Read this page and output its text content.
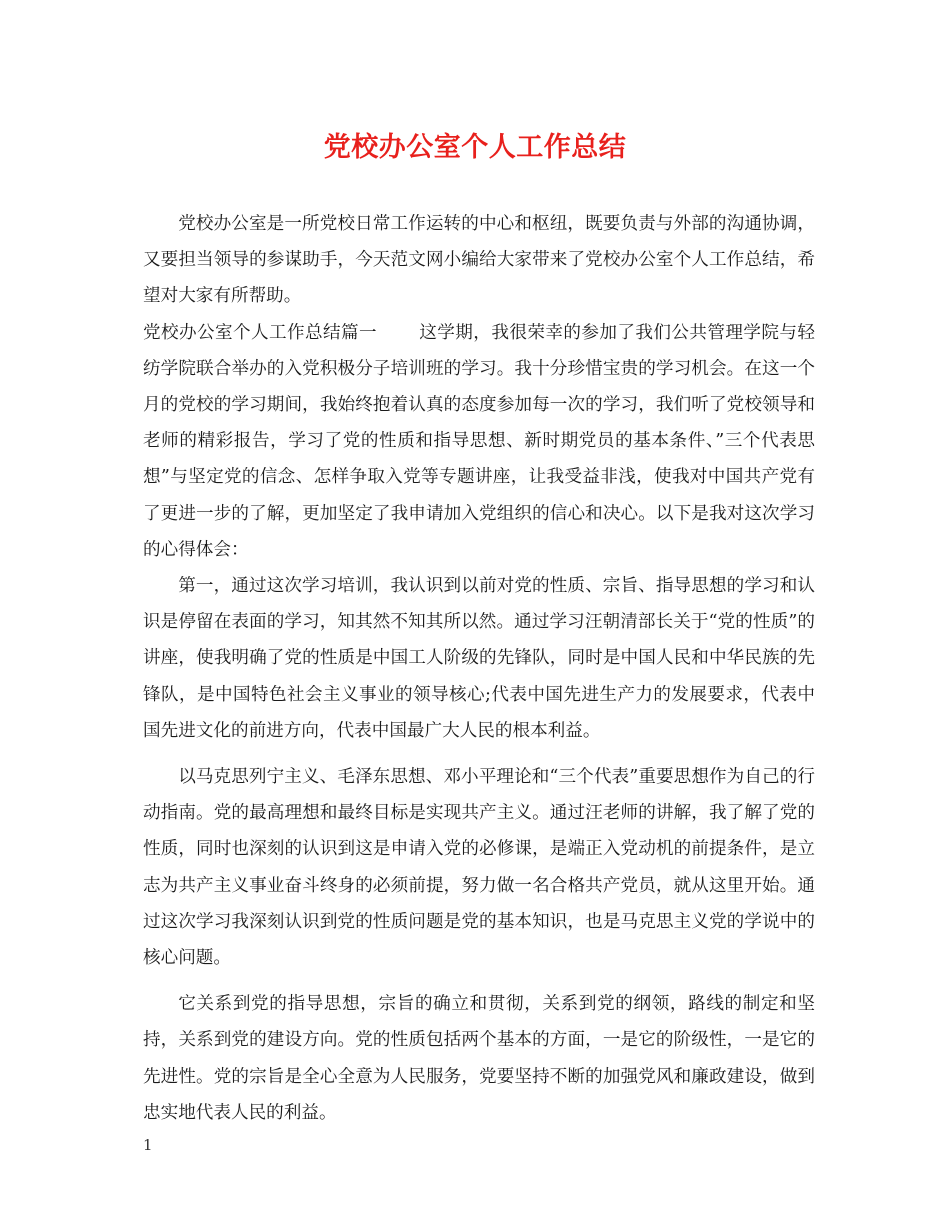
党校办公室个人工作总结

党校办公室是一所党校日常工作运转的中心和枢纽，既要负责与外部的沟通协调，又要担当领导的参谋助手，今天范文网小编给大家带来了党校办公室个人工作总结，希望对大家有所帮助。

党校办公室个人工作总结篇一 这学期，我很荣幸的参加了我们公共管理学院与轻纺学院联合举办的入党积极分子培训班的学习。我十分珍惜宝贵的学习机会。在这一个月的党校的学习期间，我始终抱着认真的态度参加每一次的学习，我们听了党校领导和老师的精彩报告，学习了党的性质和指导思想、新时期党员的基本条件、”三个代表思想”与坚定党的信念、怎样争取入党等专题讲座，让我受益非浅，使我对中国共产党有了更进一步的了解，更加坚定了我申请加入党组织的信心和决心。以下是我对这次学习的心得体会：

第一，通过这次学习培训，我认识到以前对党的性质、宗旨、指导思想的学习和认识是停留在表面的学习，知其然不知其所以然。通过学习汪朝清部长关于“党的性质”的讲座，使我明确了党的性质是中国工人阶级的先锋队，同时是中国人民和中华民族的先锋队，是中国特色社会主义事业的领导核心;代表中国先进生产力的发展要求，代表中国先进文化的前进方向，代表中国最广大人民的根本利益。

以马克思列宁主义、毛泽东思想、邓小平理论和“三个代表”重要思想作为自己的行动指南。党的最高理想和最终目标是实现共产主义。通过汪老师的讲解，我了解了党的性质，同时也深刻的认识到这是申请入党的必修课，是端正入党动机的前提条件，是立志为共产主义事业奋斗终身的必须前提，努力做一名合格共产党员，就从这里开始。通过这次学习我深刻认识到党的性质问题是党的基本知识，也是马克思主义党的学说中的核心问题。

它关系到党的指导思想，宗旨的确立和贯彻，关系到党的纲领，路线的制定和坚持，关系到党的建设方向。党的性质包括两个基本的方面，一是它的阶级性，一是它的先进性。党的宗旨是全心全意为人民服务，党要坚持不断的加强党风和廉政建设，做到忠实地代表人民的利益。

1
